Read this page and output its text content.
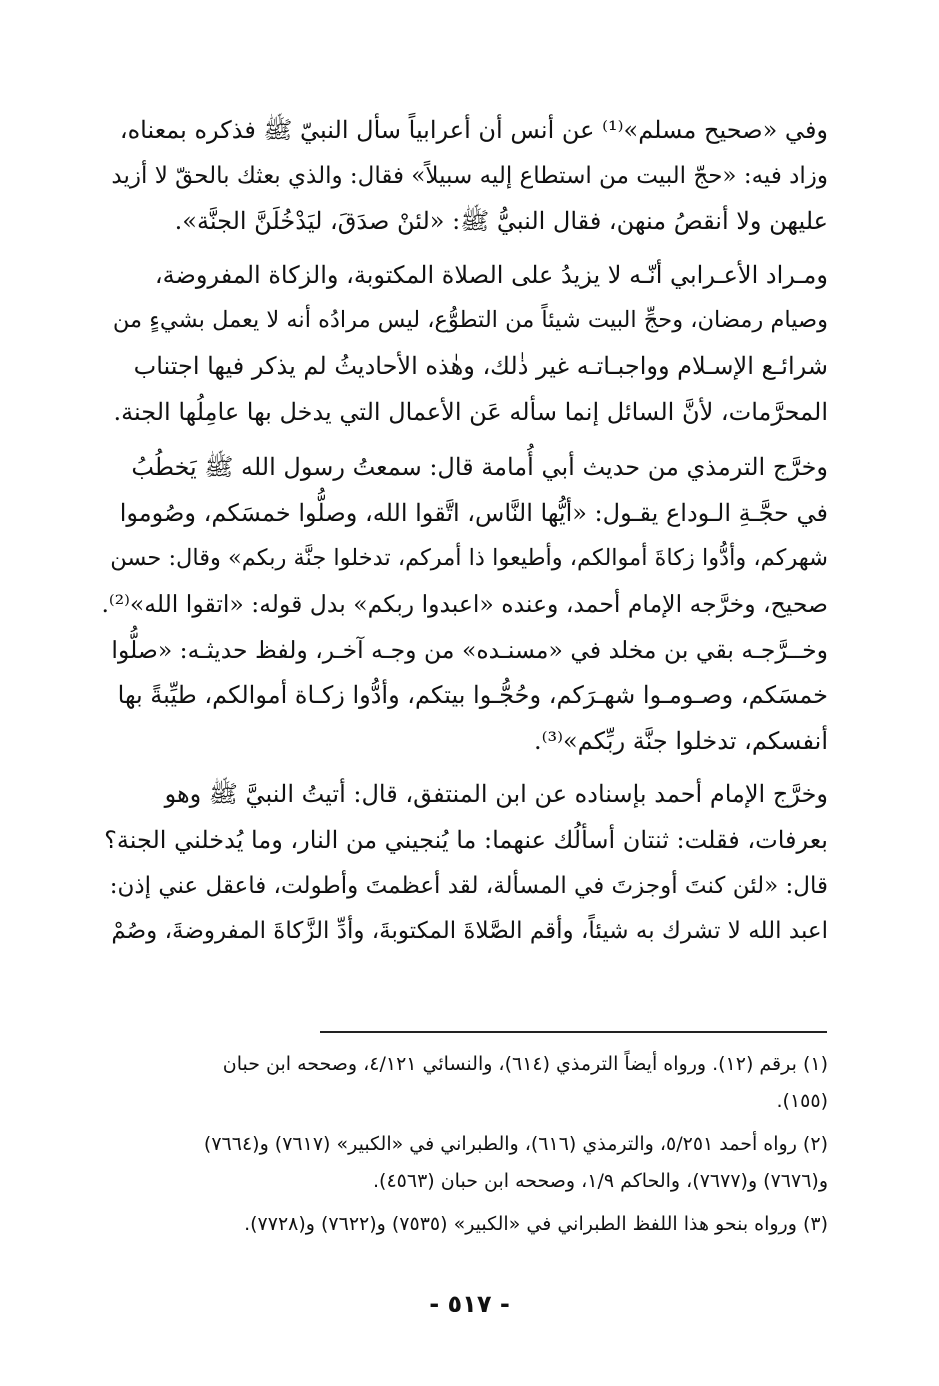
وفي «صحيح مسلم»⁽¹⁾ عن أنس أن أعرابياً سأل النبيّ ﷺ فذكره بمعناه،
وزاد فيه: «حجّ البيت من استطاع إليه سبيلاً» فقال: والذي بعثك بالحقّ لا أزيد
عليهن ولا أنقصُ منهن، فقال النبيُّ ﷺ: «لئنْ صدَقَ، ليَدْخُلَنَّ الجنَّة».

ومـراد الأعـرابي أنّـه لا يزيدُ على الصلاة المكتوبة، والزكاة المفروضة،
وصيام رمضان، وحجِّ البيت شيئاً من التطوُّع، ليس مرادُه أنه لا يعمل بشيءٍ من
شرائـع الإسـلام وواجبـاتـه غير ذٰلك، وهٰذه الأحاديثُ لم يذكر فيها اجتناب
المحرَّمات، لأنَّ السائل إنما سأله عَن الأعمال التي يدخل بها عامِلُها الجنة.

وخرَّج الترمذي من حديث أبي أُمامة قال: سمعتُ رسول الله ﷺ يَخطُبُ
في حجَّـةِ الـوداع يقـول: «أيُّها النَّاس، اتَّقوا الله، وصلُّوا خمسَكم، وصُوموا
شهركم، وأدُّوا زكاةَ أموالكم، وأطيعوا ذا أمركم، تدخلوا جنَّة ربكم» وقال: حسن
صحيح، وخرَّجه الإمام أحمد، وعنده «اعبدوا ربكم» بدل قوله: «اتقوا الله»⁽²⁾.
وخــرَّجـه بقي بن مخلد في «مسنـده» من وجـه آخـر، ولفظ حديثـه: «صلُّوا
خمسَكم، وصـومـوا شهـرَكم، وحُجُّـوا بيتكم، وأدُّوا زكـاة أموالكم، طيِّبةً بها
أنفسكم، تدخلوا جنَّة ربِّكم»⁽³⁾.

وخرَّج الإمام أحمد بإسناده عن ابن المنتفق، قال: أتيتُ النبيَّ ﷺ وهو
بعرفات، فقلت: ثنتان أسألُك عنهما: ما يُنجيني من النار، وما يُدخلني الجنة؟
قال: «لئن كنتَ أوجزتَ في المسألة، لقد أعظمتَ وأطولت، فاعقل عني إذن:
اعبد الله لا تشرك به شيئاً، وأقم الصَّلاةَ المكتوبةَ، وأدِّ الزَّكاةَ المفروضةَ، وصُمْ

(١) برقم (١٢). ورواه أيضاً الترمذي (٦١٤)، والنسائي ٤/١٢١، وصححه ابن حبان
(١٥٥).

(٢) رواه أحمد ٥/٢٥١، والترمذي (٦١٦)، والطبراني في «الكبير» (٧٦١٧) و(٧٦٦٤)
و(٧٦٧٦) و(٧٦٧٧)، والحاكم ١/٩، وصححه ابن حبان (٤٥٦٣).

(٣) ورواه بنحو هذا اللفظ الطبراني في «الكبير» (٧٥٣٥) و(٧٦٢٢) و(٧٧٢٨).

- ٥١٧ -
